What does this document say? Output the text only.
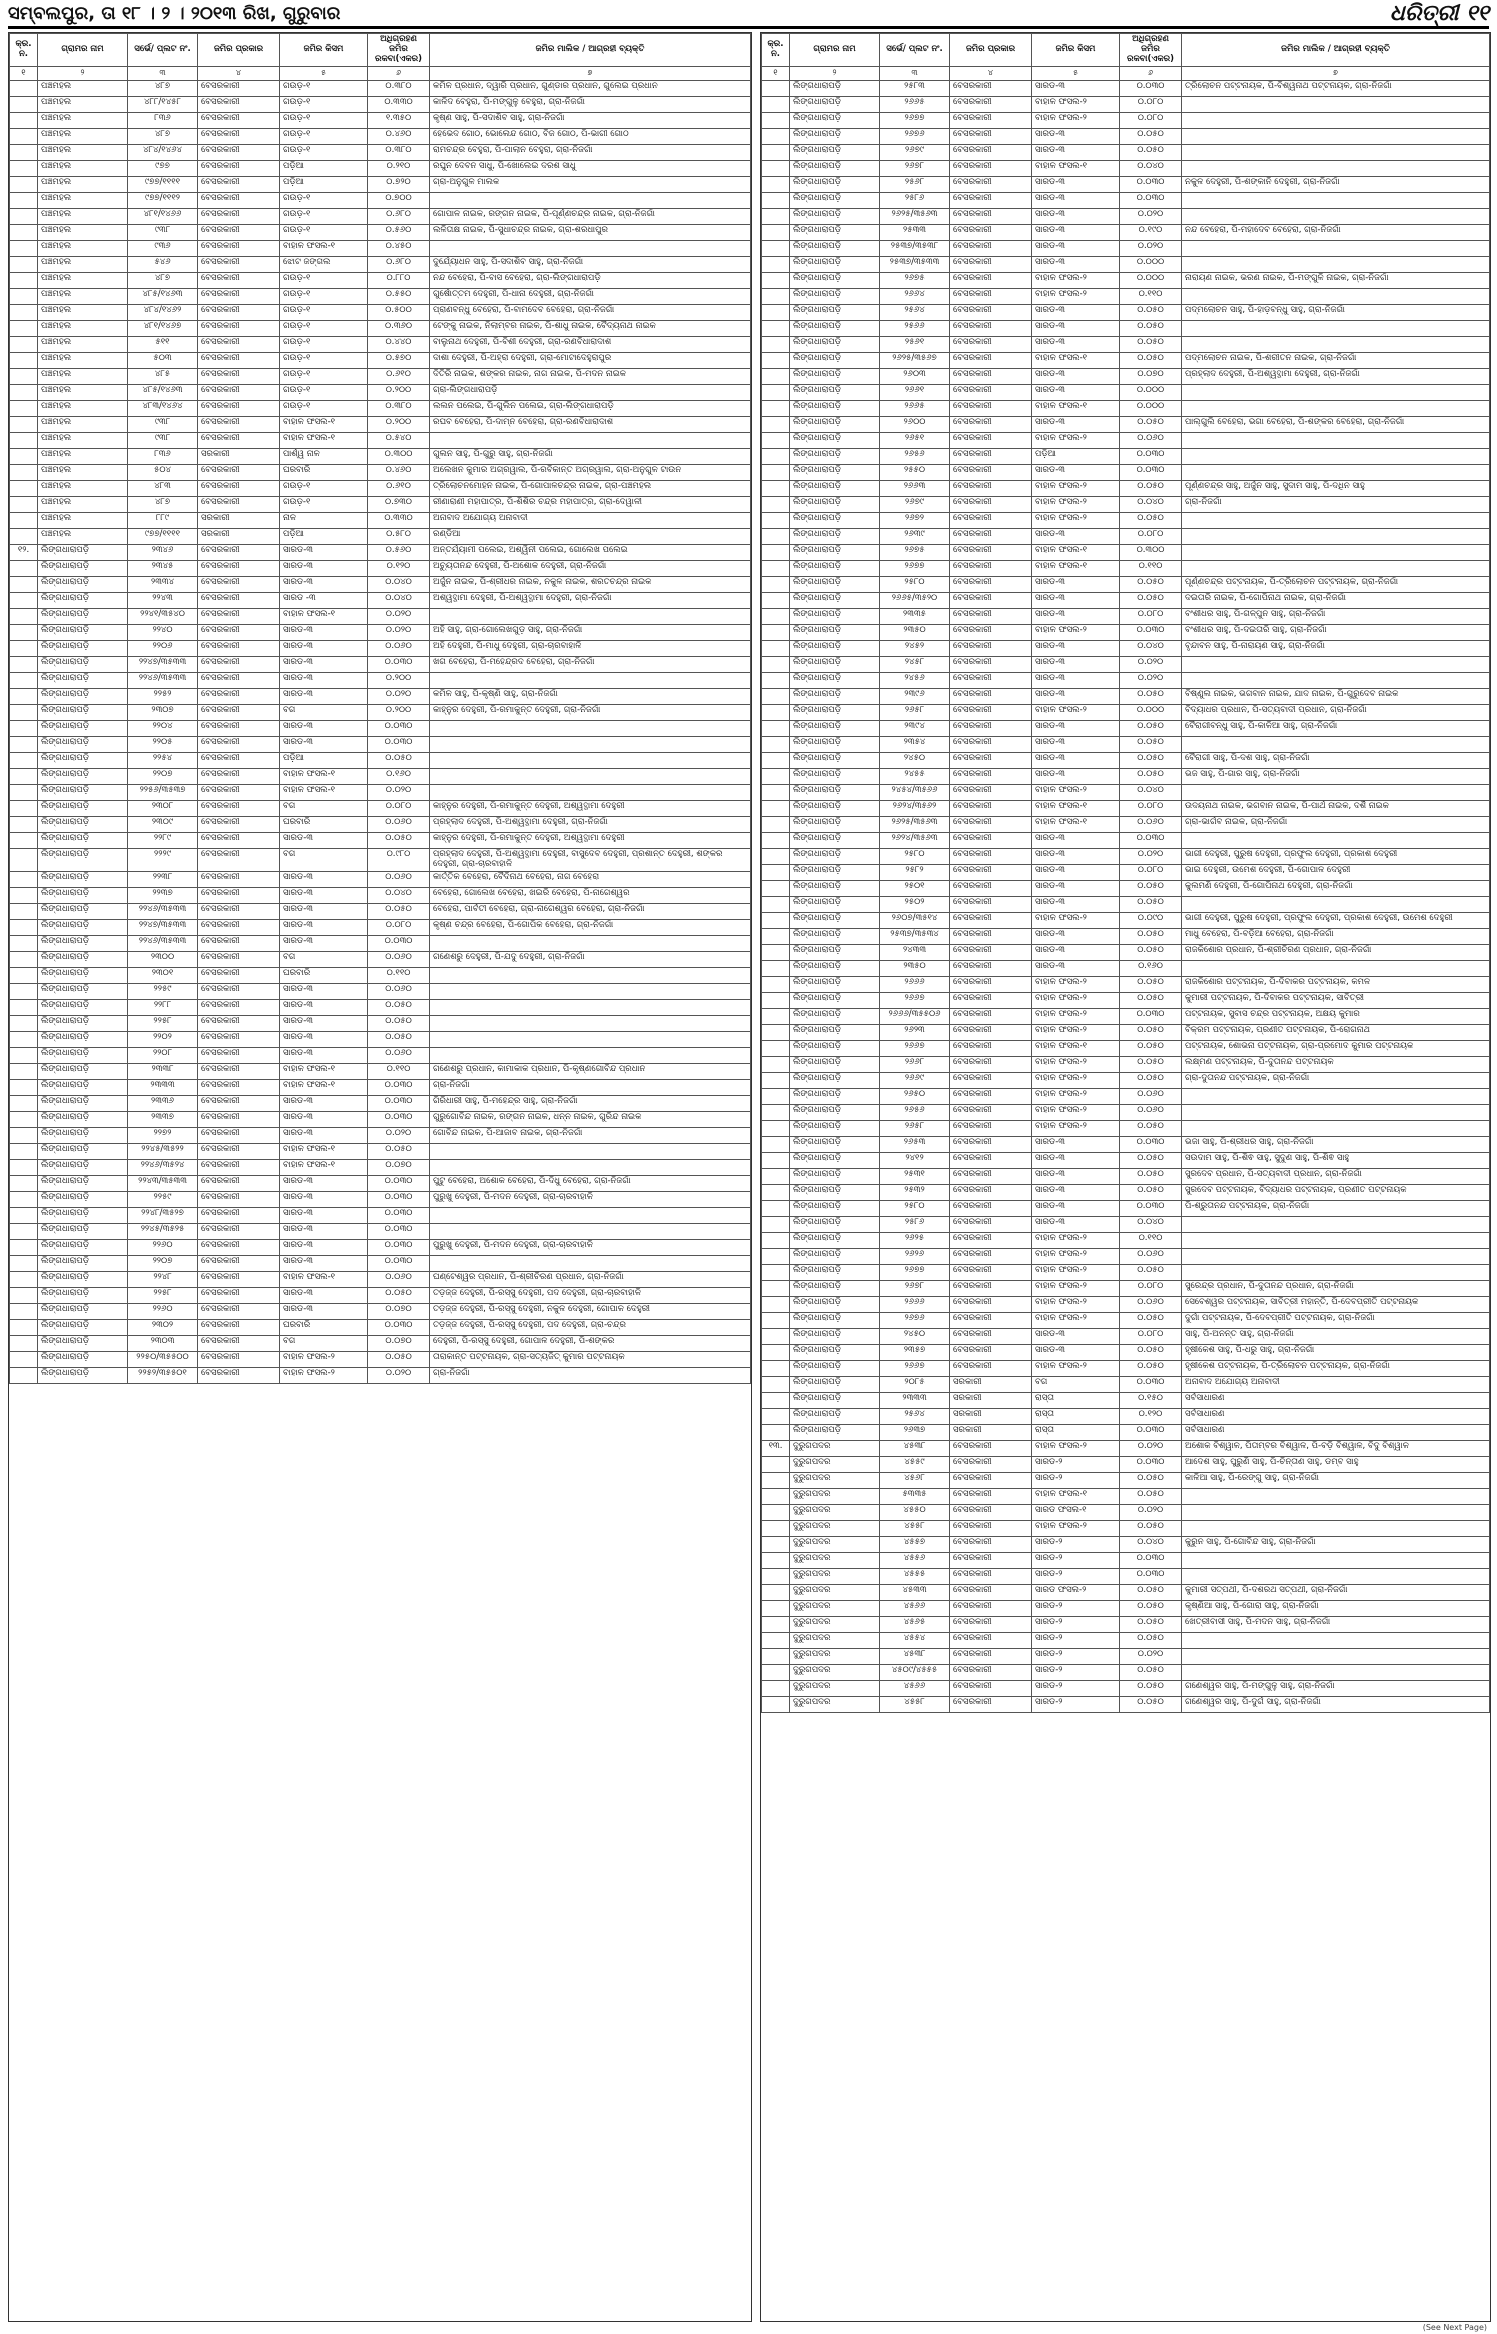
ସମ୍ବଲପୁର, ତା ୧୮ । ୨ । ୨୦୧୩ ରିଖ, ଗୁରୁବାର	ଧରିତ୍ରୀ ୧୧
କ୍ର. ନ.	ଗ୍ରାମର ନାମ	ସର୍ଭେ/ ପ୍ଲଟ ନଂ.	ଜମିର ପ୍ରକାର	ଜମିର କିସମ	ଅଧିଗ୍ରହଣ ଜମିର ରକବା(ଏକର)	ଜମିର ମାଲିକ / ଆଗ୍ରହୀ ବ୍ୟକ୍ତି
୧	୨	୩	୪	୫	୬	୭
	ପଞ୍ଚମହଲ	୪୮୭	ବେସରକାରୀ	ଗଉଡ଼-୧	୦.୩୮୦	କମିଳ ପ୍ରଧାନ, ଦ୍ୱାରି ପ୍ରଧାନ, ଗୁଣ୍ଡାର ପ୍ରଧାନ, ଗୁଲେଇ ପ୍ରଧାନ
	ପଞ୍ଚମହଲ	୪୮୮/୧୪୫୮	ବେସରକାରୀ	ଗଉଡ଼-୧	୦.୩୩୦	କାଳିଦ ବେହୁରା, ପି-ମଙ୍ଗୁଳୁ ବେହୁରା, ଗ୍ରା-ନିଜଗାଁ
	ପଞ୍ଚମହଲ	୮୩୬	ବେସରକାରୀ	ଗଉଡ଼-୧	୧.୩୫୦	କୃଷ୍ଣ ସାହୁ, ପି-ସଦାଶିବ ସାହୁ, ଗ୍ରା-ନିଜଗାଁ
	ପଞ୍ଚମହଲ	୪୮୭	ବେସରକାରୀ	ଗଉଡ଼-୧	୦.୪୬୦	ହେଭେଦ ଗୋଠ, ଭୋଲେନ୍ଦ ଗୋଠ, ବିଜ ଗୋଠ, ପି-ଭାଗୀ ଗୋଠ
	ପଞ୍ଚମହଲ	୪୮୪/୧୪୬୪	ବେସରକାରୀ	ଗଉଡ଼-୧	୦.୩୮୦	ରାମଚନ୍ଦ୍ର ବେହୁରା, ପି-ପାଲାନ ବେହୁରା, ଗ୍ରା-ନିଜଗାଁ
	ପଞ୍ଚମହଲ	୯୭୭	ବେସରକାରୀ	ପଡ଼ିଆ	୦.୨୧୦	ରଘୁନ ଦେବନ ସାଧୁ, ପି-ଖୋଲେଇ ଦରଶ ସାଧୁ
	ପଞ୍ଚମହଲ	୯୭୭/୧୧୧୧	ବେସରକାରୀ	ପଡ଼ିଆ	୦.୭୨୦	ଗ୍ରା-ଅନୁଗୁଳ ମାଲକ
	ପଞ୍ଚମହଲ	୯୭୭/୧୧୧୨	ବେସରକାରୀ	ଗଉଡ଼-୧	୦.୭୦୦	
	ପଞ୍ଚମହଲ	୪୮୧/୧୪୬୬	ବେସରକାରୀ	ଗଉଡ଼-୧	୦.୬୮୦	ଗୋପାଳ ନାଇକ, ରଙ୍ଗନ ନାଇକ, ପି-ପୂର୍ଣ୍ଣଚନ୍ଦ୍ର ନାଇକ, ଗ୍ରା-ନିଜଗାଁ
	ପଞ୍ଚମହଲ	୯୩୮	ବେସରକାରୀ	ଗଉଡ଼-୧	୦.୫୬୦	ଲଳିତାକ୍ଷ ନାଇକ, ପି-ସୁଧାଚନ୍ଦ୍ର ନାଇକ, ଗ୍ରା-ଶରଧାପୁର
	ପଞ୍ଚମହଲ	୯୩୬	ବେସରକାରୀ	ବାହାଳ ଫସଲ-୧	୦.୪୫୦	
	ପଞ୍ଚମହଲ	୫୪୬	ବେସରକାରୀ	ଝୋଟ ଜଙ୍ଗଲ	୦.୬୮୦	ଦୁର୍ଯ୍ୟୋଧନ ସାହୁ, ପି-ସଦାଶିବ ସାହୁ, ଗ୍ରା-ନିଜଗାଁ
	ପଞ୍ଚମହଲ	୪୮୭	ବେସରକାରୀ	ଗଉଡ଼-୧	୦.୮୮୦	ନନ୍ଦ ବେହେରା, ପି-ବାସ ବେହେରା, ଗ୍ରା-ଲିଙ୍ଗଧାରାପଡ଼ି
	ପଞ୍ଚମହଲ	୪୮୫/୧୪୬୩	ବେସରକାରୀ	ଗଉଡ଼-୧	୦.୫୫୦	ଗୁର୍ଷୋତ୍ତମ ଦେହୁରୀ, ପି-ଧାନା ଦେହୁରୀ, ଗ୍ରା-ନିଜଗାଁ
	ପଞ୍ଚମହଲ	୪୮୪/୧୪୬୨	ବେସରକାରୀ	ଗଉଡ଼-୧	୦.୫୦୦	ପ୍ରାଣବନ୍ଧୁ ବେହେରା, ପି-ବାମଦେବ ବେହେରା, ଗ୍ରା-ନିଜଗାଁ
	ପଞ୍ଚମହଲ	୪୮୧/୧୪୬୭	ବେସରକାରୀ	ଗଉଡ଼-୧	୦.୩୬୦	ଟେଙ୍କୁ ନାଇକ, ନିଲାମ୍ବର ନାଇକ, ପି-ଶାଧୁ ନାଇକ, ବୈଦ୍ୟନାଥ ନାଇକ
	ପଞ୍ଚମହଲ	୫୧୧	ବେସରକାରୀ	ଗଉଡ଼-୧	୦.୪୪୦	ବାଲୁନାଥ ଦେହୁରୀ, ପି-ବିଶୀ ଦେହୁରୀ, ଗ୍ରା-ରଣବିଧାରାଦାଶ
	ପଞ୍ଚମହଲ	୫୦୩	ବେସରକାରୀ	ଗଉଡ଼-୧	୦.୫୭୦	ଦାଶା ଦେହୁରୀ, ପି-ଅହ୍ରା ଦେହୁରୀ, ଗ୍ରା-ମୋଟାଦେହୁରାପୁର
	ପଞ୍ଚମହଲ	୪୮୫	ବେସରକାରୀ	ଗଉଡ଼-୧	୦.୬୧୦	ଦିତିରି ନାଇକ, ଶଙ୍କର ନାଇକ, ନାଗ ନାଇକ, ପି-ମଦନ ନାଇକ
	ପଞ୍ଚମହଲ	୪୮୫/୧୪୬୩	ବେସରକାରୀ	ଗଉଡ଼-୧	୦.୨୦୦	ଗ୍ରା-ଲିଙ୍ଗଧାରାପଡ଼ି
	ପଞ୍ଚମହଲ	୪୮୩/୧୪୬୪	ବେସରକାରୀ	ଗଉଡ଼-୧	୦.୩୮୦	ଲଲନ ପଲେଇ, ପି-ଗୁଲିନ ପଲେଇ, ଗ୍ରା-ଲିଙ୍ଗଧାରାପଡ଼ି
	ପଞ୍ଚମହଲ	୯୩୮	ବେସରକାରୀ	ବାହାଳ ଫସଲ-୧	୦.୨୦୦	ରଘବ ବେହେରା, ପି-ଦାମ୍ନ ବେହେରା, ଗ୍ରା-ରଣବିଧାରାଦାଶ
	ପଞ୍ଚମହଲ	୯୩୮	ବେସରକାରୀ	ବାହାଳ ଫସଲ-୧	୦.୫୪୦	
	ପଞ୍ଚମହଲ	୮୩୬	ସରକାରୀ	ପାର୍ଶ୍ୱ ନାଳ	୦.୩୦୦	ଗୁଲନ ସାହୁ, ପି-ଗୁରୁ ସାହୁ, ଗ୍ରା-ନିଜଗାଁ
	ପଞ୍ଚମହଲ	୫୦୪	ବେସରକାରୀ	ଘରବାରି	୦.୪୬୦	ଅଲେଖନ କୁମାର ଅଗ୍ରୱାଲ, ପି-ରବିକାନ୍ତ ଅଗ୍ରୱାଲ, ଗ୍ରା-ଅନୁଗୁଳ ଟାଉନ
	ପଞ୍ଚମହଲ	୪୮୩	ବେସରକାରୀ	ଗଉଡ଼-୧	୦.୬୧୦	ତ୍ରିଲୋଚନମୋହନ ନାଇକ, ପି-ଗୋପାଳଚନ୍ଦ୍ର ନାଇକ, ଗ୍ରା-ପଞ୍ଚମହଲ
	ପଞ୍ଚମହଲ	୪୮୭	ବେସରକାରୀ	ଗଉଡ଼-୧	୦.୭୩୦	ରୀଣାରାଣୀ ମହାପାତ୍ର, ପି-ଶିଶିର ଚନ୍ଦ୍ର ମହାପାତ୍ର, ଗ୍ରା-ଦେୱାଳୀ
	ପଞ୍ଚମହଲ	୮୮୯	ସରକାରୀ	ନାଳ	୦.୩୩୦	ଅନାବାଦ ଅଯୋଗ୍ୟ ଅନାବାଦୀ
	ପଞ୍ଚମହଲ	୯୭୭/୧୧୧୧	ସରକାରୀ	ପଡ଼ିଆ	୦.୫୮୦	ରଣ୍ଡିଆ
୧୨.	ଲିଙ୍ଗଧାରାପଡ଼ି	୨୩୪୬	ବେସରକାରୀ	ସାରଡ-୩	୦.୫୬୦	ଅନ୍ତର୍ଯ୍ୟାମୀ ପଲେଇ, ଅଶ୍ୱିନୀ ପଲେଇ, ଗୋଲେଖ ପଲେଇ
	ଲିଙ୍ଗଧାରାପଡ଼ି	୨୩୪୫	ବେସରକାରୀ	ସାରଡ-୩	୦.୧୨୦	ଅଚ୍ୟୁତାନନ୍ଦ ଦେହୁରୀ, ପି-ଅଶୋକ ଦେହୁରୀ, ଗ୍ରା-ନିଜଗାଁ
	ଲିଙ୍ଗଧାରାପଡ଼ି	୨୩୩୪	ବେସରକାରୀ	ସାରଡ-୩	୦.୦୪୦	ଅର୍ଜୁନ ନାଇକ, ପି-ଶ୍ରୀଧର ନାଇକ, ନକୁଳ ନାଇକ, ଶରତଚନ୍ଦ୍ର ନାଇକ
	ଲିଙ୍ଗଧାରାପଡ଼ି	୨୨୪୩	ବେସରକାରୀ	ସାରଡ -୩	୦.୦୪୦	ଅଶ୍ୱତ୍ଥାମା ଦେହୁରୀ, ପି-ଅଶ୍ୱତ୍ଥାମା ଦେହୁରୀ, ଗ୍ରା-ନିଜଗାଁ
	ଲିଙ୍ଗଧାରାପଡ଼ି	୨୨୪୧/୩୫୪୦	ବେସରକାରୀ	ବାହାଳ ଫସଲ-୧	୦.୦୨୦	
	ଲିଙ୍ଗଧାରାପଡ଼ି	୨୨୪୦	ବେସରକାରୀ	ସାରଡ-୩	୦.୦୨୦	ଅହି ସାହୁ, ଗ୍ରା-ଗୋଲେଖଗୁଡ଼ ସାହୁ, ଗ୍ରା-ନିଜଗାଁ
	ଲିଙ୍ଗଧାରାପଡ଼ି	୨୨୦୬	ବେସରକାରୀ	ସାରଡ-୩	୦.୦୬୦	ଅହି ଦେହୁରୀ, ପି-ମାଧୁ ଦେହୁରୀ, ଗ୍ରା-ଚାରବାହାଳି
	ଲିଙ୍ଗଧାରାପଡ଼ି	୨୨୪୭/୩୫୩୩	ବେସରକାରୀ	ସାରଡ-୩	୦.୦୩୦	ଖଗ ବେହେରା, ପି-ମହେନ୍ଦ୍ରଦ ବେହେରା, ଗ୍ରା-ନିଜଗାଁ
	ଲିଙ୍ଗଧାରାପଡ଼ି	୨୨୪୬/୩୫୩୩	ବେସରକାରୀ	ସାରଡ-୩	୦.୨୦୦	
	ଲିଙ୍ଗଧାରାପଡ଼ି	୨୨୫୨	ବେସରକାରୀ	ସାରଡ-୩	୦.୦୨୦	କମିଳ ସାହୁ, ପି-କୃଷ୍ଣି ସାହୁ, ଗ୍ରା-ନିଜଗାଁ
	ଲିଙ୍ଗଧାରାପଡ଼ି	୨୩୦୭	ବେସରକାରୀ	ବଗ	୦.୨୦୦	କାହ୍ନୁର ଦେହୁରୀ, ପି-ରମାକୁନ୍ତ ଦେହୁରୀ, ଗ୍ରା-ନିଜଗାଁ
	ଲିଙ୍ଗଧାରାପଡ଼ି	୨୨୦୪	ବେସରକାରୀ	ସାରଡ-୩	୦.୦୩୦	
	ଲିଙ୍ଗଧାରାପଡ଼ି	୨୨୦୫	ବେସରକାରୀ	ସାରଡ-୩	୦.୦୩୦	
	ଲିଙ୍ଗଧାରାପଡ଼ି	୨୨୫୪	ବେସରକାରୀ	ପଡ଼ିଆ	୦.୦୫୦	
	ଲିଙ୍ଗଧାରାପଡ଼ି	୨୨୦୭	ବେସରକାରୀ	ବାହାଳ ଫସଲ-୧	୦.୧୬୦	
	ଲିଙ୍ଗଧାରାପଡ଼ି	୨୨୫୬/୩୫୩୭	ବେସରକାରୀ	ବାହାଳ ଫସଲ-୧	୦.୦୨୦	
	ଲିଙ୍ଗଧାରାପଡ଼ି	୨୩୦୮	ବେସରକାରୀ	ବଗ	୦.୦୮୦	କାହ୍ନୁର ଦେହୁରୀ, ପି-ରମାକୁନ୍ତ ଦେହୁରୀ, ଅଶ୍ୱତ୍ଥାମା ଦେହୁରୀ
	ଲିଙ୍ଗଧାରାପଡ଼ି	୨୩୦୯	ବେସରକାରୀ	ଘରବାରି	୦.୦୬୦	ପ୍ରହ୍ଲାଦ ଦେହୁରୀ, ପି-ଅଶ୍ୱତ୍ଥାମା ଦେହୁରୀ, ଗ୍ରା-ନିଜଗାଁ
	ଲିଙ୍ଗଧାରାପଡ଼ି	୨୨୮୯	ବେସରକାରୀ	ସାରଡ-୩	୦.୦୫୦	କାହ୍ନୁର ଦେହୁରୀ, ପି-ରମାକୁନ୍ତ ଦେହୁରୀ, ଅଶ୍ୱତ୍ଥାମା ଦେହୁରୀ
	ଲିଙ୍ଗଧାରାପଡ଼ି	୨୨୨୯	ବେସରକାରୀ	ବଗ	୦.୯୮୦	ପ୍ରହ୍ଲାଦ ଦେହୁରୀ, ପି-ଅଶ୍ୱତ୍ଥାମା ଦେହୁରୀ, ବାସୁଦେବ ଦେହୁରୀ, ପ୍ରଶାନ୍ତ ଦେହୁରୀ, ଶଙ୍କର ଦେହୁରୀ, ଗ୍ରା-ଚାରବାହାଳି
	ଲିଙ୍ଗଧାରାପଡ଼ି	୨୨୩୮	ବେସରକାରୀ	ସାରଡ-୩	୦.୦୬୦	କାର୍ତ୍ତିକ ବେହେରା, ବୈଦିନାଥ ବେହେରା, ନାଗ ବେହେରା
	ଲିଙ୍ଗଧାରାପଡ଼ି	୨୨୩୭	ବେସରକାରୀ	ସାରଡ-୩	୦.୦୪୦	ବେହେରା, ଗୋଲେଖ ବେହେରା, ଖଇରି ବେହେରା, ପି-ନାଗେଶ୍ୱର
	ଲିଙ୍ଗଧାରାପଡ଼ି	୨୨୪୬/୩୫୩୩	ବେସରକାରୀ	ସାରଡ-୩	୦.୦୫୦	ବେହେରା, ପାର୍ବତୀ ବେହେରା, ଗ୍ରା-ନାଗେଶ୍ୱର ବେହେରା, ଗ୍ରା-ନିଜଗାଁ
	ଲିଙ୍ଗଧାରାପଡ଼ି	୨୨୪୭/୩୫୩୩	ବେସରକାରୀ	ସାରଡ-୩	୦.୦୮୦	କୃଷ୍ଣ ଚନ୍ଦ୍ର ବେହେରା, ପି-ଗୋପିକ ବେହେରା, ଗ୍ରା-ନିଜଗାଁ
	ଲିଙ୍ଗଧାରାପଡ଼ି	୨୨୪୬/୩୫୩୩	ବେସରକାରୀ	ସାରଡ-୩	୦.୦୩୦	
	ଲିଙ୍ଗଧାରାପଡ଼ି	୨୩୦୦	ବେସରକାରୀ	ବଗ	୦.୦୬୦	ଗଣେଶରୁ ଦେହୁରୀ, ପି-ଯଦୁ ଦେହୁରୀ, ଗ୍ରା-ନିଜଗାଁ
	ଲିଙ୍ଗଧାରାପଡ଼ି	୨୩୦୧	ବେସରକାରୀ	ଘରବାରି	୦.୧୧୦	
	ଲିଙ୍ଗଧାରାପଡ଼ି	୨୨୫୯	ବେସରକାରୀ	ସାରଡ-୩	୦.୦୬୦	
	ଲିଙ୍ଗଧାରାପଡ଼ି	୨୨୮୮	ବେସରକାରୀ	ସାରଡ-୩	୦.୦୫୦	
	ଲିଙ୍ଗଧାରାପଡ଼ି	୨୨୫୮	ବେସରକାରୀ	ସାରଡ-୩	୦.୦୫୦	
	ଲିଙ୍ଗଧାରାପଡ଼ି	୨୨୦୨	ବେସରକାରୀ	ସାରଡ-୩	୦.୦୫୦	
	ଲିଙ୍ଗଧାରାପଡ଼ି	୨୨୦୮	ବେସରକାରୀ	ସାରଡ-୩	୦.୦୬୦	
	ଲିଙ୍ଗଧାରାପଡ଼ି	୨୩୩୮	ବେସରକାରୀ	ବାହାଳ ଫସଲ-୧	୦.୧୧୦	ଗଣେଶରୁ ପ୍ରଧାନ, କାମାକାକ ପ୍ରଧାନ, ପି-କୃଷ୍ଣଗୋବିନ୍ଦ ପ୍ରଧାନ
	ଲିଙ୍ଗଧାରାପଡ଼ି	୨୩୩୩	ବେସରକାରୀ	ବାହାଳ ଫସଲ-୧	୦.୦୩୦	ଗ୍ରା-ନିଜଗାଁ
	ଲିଙ୍ଗଧାରାପଡ଼ି	୨୩୩୬	ବେସରକାରୀ	ସାରଡ-୩	୦.୦୩୦	ଗିରିଧାରୀ ସାହୁ, ପି-ମହେନ୍ଦ୍ର ସାହୁ, ଗ୍ରା-ନିଜଗାଁ
	ଲିଙ୍ଗଧାରାପଡ଼ି	୨୩୩୭	ବେସରକାରୀ	ସାରଡ-୩	୦.୦୩୦	ଗୁରୁଗୋବିନ୍ଦ ନାଇକ, ରଙ୍ଗନ ନାଇକ, ଧନ୍ନ ନାଇକ, ଗୁରିନ୍ଦ ନାଇକ
	ଲିଙ୍ଗଧାରାପଡ଼ି	୨୨୭୨	ବେସରକାରୀ	ସାରଡ-୩	୦.୦୨୦	ଗୋବିନ୍ଦ ନାଇକ, ପି-ଆଜାବ ନାଇକ, ଗ୍ରା-ନିଜଗାଁ
	ଲିଙ୍ଗଧାରାପଡ଼ି	୨୨୪୫/୩୫୨୨	ବେସରକାରୀ	ବାହାଳ ଫସଲ-୧	୦.୦୫୦	
	ଲିଙ୍ଗଧାରାପଡ଼ି	୨୨୪୬/୩୫୨୪	ବେସରକାରୀ	ବାହାଳ ଫସଲ-୧	୦.୦୭୦	
	ଲିଙ୍ଗଧାରାପଡ଼ି	୨୨୪୩/୩୫୩୩	ବେସରକାରୀ	ସାରଡ-୩	୦.୦୩୦	ପୁଟୁ ବେହେରା, ଅଶୋକ ବେହେରା, ପି-ଦିଧୁ ବେହେରା, ଗ୍ରା-ନିଜଗାଁ
	ଲିଙ୍ଗଧାରାପଡ଼ି	୨୨୫୯	ବେସରକାରୀ	ସାରଡ-୩	୦.୦୩୦	ପୁରୁଖୁ ଦେହୁରୀ, ପି-ମଦନ ଦେହୁରୀ, ଗ୍ରା-ଚାରବାହାଳି
	ଲିଙ୍ଗଧାରାପଡ଼ି	୨୨୪୮/୩୫୨୭	ବେସରକାରୀ	ସାରଡ-୩	୦.୦୩୦	
	ଲିଙ୍ଗଧାରାପଡ଼ି	୨୨୪୫/୩୫୨୫	ବେସରକାରୀ	ସାରଡ-୩	୦.୦୩୦	
	ଲିଙ୍ଗଧାରାପଡ଼ି	୨୨୬୦	ବେସରକାରୀ	ସାରଡ-୩	୦.୦୩୦	ପୁରୁଖୁ ଦେହୁରୀ, ପି-ମଦନ ଦେହୁରୀ, ଗ୍ରା-ଚାରବାହାଳି
	ଲିଙ୍ଗଧାରାପଡ଼ି	୨୨୦୭	ବେସରକାରୀ	ସାରଡ-୩	୦.୦୩୦	
	ଲିଙ୍ଗଧାରାପଡ଼ି	୨୨୪୮	ବେସରକାରୀ	ବାହାଳ ଫସଲ-୧	୦.୦୬୦	ଘଣ୍ଟେଶ୍ୱର ପ୍ରଧାନ, ପି-ଶ୍ରୀଚିରଣ ପ୍ରଧାନ, ଗ୍ରା-ନିଜଗାଁ
	ଲିଙ୍ଗଧାରାପଡ଼ି	୨୨୫୮	ବେସରକାରୀ	ସାରଡ-୩	୦.୦୫୦	ତଡ଼ଜ୍ଜ ଦେହୁରୀ, ପି-ରସ୍ସୁ ଦେହୁରୀ, ପଦ ଦେହୁରୀ, ଗ୍ରା-ଚାରବାହାଳି
	ଲିଙ୍ଗଧାରାପଡ଼ି	୨୨୬୦	ବେସରକାରୀ	ସାରଡ-୩	୦.୦୭୦	ତଡ଼ଜ୍ଜ ଦେହୁରୀ, ପି-ରସ୍ସୁ ଦେହୁରୀ, ନକୁଳ ଦେହୁରୀ, ଗୋପାଳ ଦେହୁରୀ
	ଲିଙ୍ଗଧାରାପଡ଼ି	୨୩୦୨	ବେସରକାରୀ	ଘରବାରି	୦.୦୩୦	ତଡ଼ଜ୍ଜ ଦେହୁରୀ, ପି-ରସ୍ସୁ ଦେହୁରୀ, ପଦ ଦେହୁରୀ, ଗ୍ରା-ଚନ୍ଦ୍ର
	ଲିଙ୍ଗଧାରାପଡ଼ି	୨୩୦୩	ବେସରକାରୀ	ବଗ	୦.୦୭୦	ଦେହୁରୀ, ପି-ରସ୍ସୁ ଦେହୁରୀ, ଗୋପାଳ ଦେହୁରୀ, ପି-ଶଙ୍କର
	ଲିଙ୍ଗଧାରାପଡ଼ି	୨୨୫୦/୩୫୫୦୦	ବେସରକାରୀ	ବାହାଳ ଫସଲ-୨	୦.୦୫୦	ତାରାକାନ୍ତ ପଟ୍ଟନାୟକ, ଗ୍ରା-ସତ୍ୟଜିତ୍ କୁମାର ପଟ୍ଟନାୟକ
	ଲିଙ୍ଗଧାରାପଡ଼ି	୨୨୫୨/୩୫୫୦୧	ବେସରକାରୀ	ବାହାଳ ଫସଲ-୨	୦.୦୨୦	ଗ୍ରା-ନିଜଗାଁ
କ୍ର. ନ.	ଗ୍ରାମର ନାମ	ସର୍ଭେ/ ପ୍ଲଟ ନଂ.	ଜମିର ପ୍ରକାର	ଜମିର କିସମ	ଅଧିଗ୍ରହଣ ଜମିର ରକବା(ଏକର)	ଜମିର ମାଲିକ / ଆଗ୍ରହୀ ବ୍ୟକ୍ତି
୧	୨	୩	୪	୫	୬	୭
	ଲିଙ୍ଗଧାରାପଡ଼ି	୨୫୮୩	ବେସରକାରୀ	ସାରଡ-୩	୦.୦୩୦	ତ୍ରିଲୋଚନ ପଟ୍ଟନାୟକ, ପି-ବିଶ୍ୱନାଥ ପଟ୍ଟନାୟକ, ଗ୍ରା-ନିଜଗାଁ
	ଲିଙ୍ଗଧାରାପଡ଼ି	୨୬୬୫	ବେସରକାରୀ	ବାହାଳ ଫସଲ-୨	୦.୦୮୦	
	ଲିଙ୍ଗଧାରାପଡ଼ି	୨୬୭୭	ବେସରକାରୀ	ବାହାଳ ଫସଲ-୨	୦.୦୮୦	
	ଲିଙ୍ଗଧାରାପଡ଼ି	୨୬୭୬	ବେସରକାରୀ	ସାରଡ-୩	୦.୦୫୦	
	ଲିଙ୍ଗଧାରାପଡ଼ି	୨୬୭୯	ବେସରକାରୀ	ସାରଡ-୩	୦.୦୫୦	
	ଲିଙ୍ଗଧାରାପଡ଼ି	୨୬୭୮	ବେସରକାରୀ	ବାହାଳ ଫସଲ-୧	୦.୦୪୦	
	ଲିଙ୍ଗଧାରାପଡ଼ି	୨୫୬୮	ବେସରକାରୀ	ସାରଡ-୩	୦.୦୩୦	ନକୁଳ ଦେହୁରୀ, ପି-ଶଙ୍କାନି ଦେହୁରୀ, ଗ୍ରା-ନିଜଗାଁ
	ଲିଙ୍ଗଧାରାପଡ଼ି	୨୫୮୬	ବେସରକାରୀ	ସାରଡ-୩	୦.୦୩୦	
	ଲିଙ୍ଗଧାରାପଡ଼ି	୨୬୨୫/୩୫୬୩	ବେସରକାରୀ	ସାରଡ-୩	୦.୦୨୦	
	ଲିଙ୍ଗଧାରାପଡ଼ି	୨୫୩୩	ବେସରକାରୀ	ସାରଡ-୩	୦.୧୯୦	ନନ୍ଦ ବେହେରା, ପି-ମହାଦେବ ବେହେରା, ଗ୍ରା-ନିଜଗାଁ
	ଲିଙ୍ଗଧାରାପଡ଼ି	୨୫୩୭/୩୫୩୮	ବେସରକାରୀ	ସାରଡ-୩	୦.୦୨୦	
	ଲିଙ୍ଗଧାରାପଡ଼ି	୨୫୩୭/୩୫୩୩	ବେସରକାରୀ	ସାରଡ-୩	୦.୦୦୦	
	ଲିଙ୍ଗଧାରାପଡ଼ି	୨୬୭୫	ବେସରକାରୀ	ବାହାଳ ଫସଲ-୨	୦.୦୦୦	ନାରାୟଣ ନାଇକ, ଭରଣ ନାଇକ, ପି-ମଙ୍ଗୁଳି ନାଇକ, ଗ୍ରା-ନିଜଗାଁ
	ଲିଙ୍ଗଧାରାପଡ଼ି	୨୬୬୪	ବେସରକାରୀ	ବାହାଳ ଫସଲ-୨	୦.୧୧୦	
	ଲିଙ୍ଗଧାରାପଡ଼ି	୨୫୬୪	ବେସରକାରୀ	ସାରଡ-୩	୦.୦୫୦	ପଦ୍ମଲୋଚନ ସାହୁ, ପି-ହାଡ଼ବନ୍ଧୁ ସାହୁ, ଗ୍ରା-ନିଜଗାଁ
	ଲିଙ୍ଗଧାରାପଡ଼ି	୨୫୬୬	ବେସରକାରୀ	ସାରଡ-୩	୦.୦୫୦	
	ଲିଙ୍ଗଧାରାପଡ଼ି	୨୫୬୧	ବେସରକାରୀ	ସାରଡ-୩	୦.୦୫୦	
	ଲିଙ୍ଗଧାରାପଡ଼ି	୨୬୨୫/୩୫୬୭	ବେସରକାରୀ	ବାହାଳ ଫସଲ-୧	୦.୦୫୦	ପଦ୍ମଲୋଚନ ନାଇକ, ପି-ଶରୀତନ ନାଇକ, ଗ୍ରା-ନିଜଗାଁ
	ଲିଙ୍ଗଧାରାପଡ଼ି	୨୬୦୩	ବେସରକାରୀ	ସାରଡ-୩	୦.୦୭୦	ପ୍ରହ୍ଲାଦ ଦେହୁରୀ, ପି-ଅଶ୍ୱତ୍ଥାମା ଦେହୁରୀ, ଗ୍ରା-ନିଜଗାଁ
	ଲିଙ୍ଗଧାରାପଡ଼ି	୨୬୬୧	ବେସରକାରୀ	ସାରଡ-୩	୦.୦୦୦	
	ଲିଙ୍ଗଧାରାପଡ଼ି	୨୬୬୫	ବେସରକାରୀ	ବାହାଳ ଫସଲ-୧	୦.୦୦୦	
	ଲିଙ୍ଗଧାରାପଡ଼ି	୨୬୦୦	ବେସରକାରୀ	ସାରଡ-୩	୦.୦୫୦	ପାଲ୍ଗୁଲି ବେହେରା, ଭଗା ବେହେରା, ପି-ଶଙ୍କର ବେହେରା, ଗ୍ରା-ନିଜଗାଁ
	ଲିଙ୍ଗଧାରାପଡ଼ି	୨୬୫୧	ବେସରକାରୀ	ବାହାଳ ଫସଲ-୨	୦.୦୬୦	
	ଲିଙ୍ଗଧାରାପଡ଼ି	୨୬୫୬	ବେସରକାରୀ	ପଡ଼ିଆ	୦.୦୩୦	
	ଲିଙ୍ଗଧାରାପଡ଼ି	୨୫୫୦	ବେସରକାରୀ	ସାରଡ-୩	୦.୦୩୦	
	ଲିଙ୍ଗଧାରାପଡ଼ି	୨୬୬୩	ବେସରକାରୀ	ବାହାଳ ଫସଲ-୨	୦.୦୫୦	ପୂର୍ଣ୍ଣଚନ୍ଦ୍ର ସାହୁ, ଅର୍ଜୁନ ସାହୁ, ସୁଦାମ ସାହୁ, ପି-ଦଧିନ ସାହୁ
	ଲିଙ୍ଗଧାରାପଡ଼ି	୨୬୭୯	ବେସରକାରୀ	ବାହାଳ ଫସଲ-୨	୦.୦୪୦	ଗ୍ରା-ନିଜଗାଁ
	ଲିଙ୍ଗଧାରାପଡ଼ି	୨୬୭୨	ବେସରକାରୀ	ବାହାଳ ଫସଲ-୨	୦.୦୫୦	
	ଲିଙ୍ଗଧାରାପଡ଼ି	୨୬୩୯	ବେସରକାରୀ	ସାରଡ-୩	୦.୦୮୦	
	ଲିଙ୍ଗଧାରାପଡ଼ି	୨୬୭୫	ବେସରକାରୀ	ବାହାଳ ଫସଲ-୧	୦.୩୦୦	
	ଲିଙ୍ଗଧାରାପଡ଼ି	୨୬୭୭	ବେସରକାରୀ	ବାହାଳ ଫସଲ-୧	୦.୧୧୦	
	ଲିଙ୍ଗଧାରାପଡ଼ି	୨୫୮୦	ବେସରକାରୀ	ସାରଡ-୩	୦.୦୫୦	ପୂର୍ଣ୍ଣଚନ୍ଦ୍ର ପଟ୍ଟନାୟକ, ପି-ତ୍ରିଲୋଚନ ପଟ୍ଟନାୟକ, ଗ୍ରା-ନିଜଗାଁ
	ଲିଙ୍ଗଧାରାପଡ଼ି	୨୬୬୫/୩୫୨୦	ବେସରକାରୀ	ସାରଡ-୩	୦.୦୫୦	ଦଇତାରି ନାଇକ, ପି-ଗୋପିନାଥ ନାଇକ, ଗ୍ରା-ନିଜଗାଁ
	ଲିଙ୍ଗଧାରାପଡ଼ି	୨୩୩୫	ବେସରକାରୀ	ସାରଡ-୩	୦.୦୮୦	ବଂଶୀଧର ସାହୁ, ପି-ଗଳ୍ପୁନ ସାହୁ, ଗ୍ରା-ନିଜଗାଁ
	ଲିଙ୍ଗଧାରାପଡ଼ି	୨୩୫୦	ବେସରକାରୀ	ବାହାଳ ଫସଲ-୨	୦.୦୩୦	ବଂଶୀଧର ସାହୁ, ପି-ଦଇତାରି ସାହୁ, ଗ୍ରା-ନିଜଗାଁ
	ଲିଙ୍ଗଧାରାପଡ଼ି	୨୪୫୨	ବେସରକାରୀ	ସାରଡ-୩	୦.୦୪୦	ବୃନ୍ଦାବନ ସାହୁ, ପି-ନାରାୟଣ ସାହୁ, ଗ୍ରା-ନିଜଗାଁ
	ଲିଙ୍ଗଧାରାପଡ଼ି	୨୪୫୮	ବେସରକାରୀ	ସାରଡ-୩	୦.୦୨୦	
	ଲିଙ୍ଗଧାରାପଡ଼ି	୨୪୫୬	ବେସରକାରୀ	ସାରଡ-୩	୦.୦୨୦	
	ଲିଙ୍ଗଧାରାପଡ଼ି	୨୩୯୬	ବେସରକାରୀ	ସାରଡ-୩	୦.୦୫୦	ବିଷ୍ଣୁଲ ନାଇକ, ଭଗବାନ ନାଇକ, ଯାଦ ନାଇକ, ପି-ଗୁରୁଦେବ ନାଇକ
	ଲିଙ୍ଗଧାରାପଡ଼ି	୨୬୫୮	ବେସରକାରୀ	ବାହାଳ ଫସଲ-୨	୦.୦୦୦	ବିଦ୍ୟାଧର ପ୍ରଧାନ, ପି-ସତ୍ୟବାଦୀ ପ୍ରଧାନ, ଗ୍ରା-ନିଜଗାଁ
	ଲିଙ୍ଗଧାରାପଡ଼ି	୨୩୯୪	ବେସରକାରୀ	ସାରଡ-୩	୦.୦୫୦	ବୈରାଗୀବନ୍ଧୁ ସାହୁ, ପି-କାଳିଆ ସାହୁ, ଗ୍ରା-ନିଜଗାଁ
	ଲିଙ୍ଗଧାରାପଡ଼ି	୨୩୫୪	ବେସରକାରୀ	ସାରଡ-୩	୦.୦୫୦	
	ଲିଙ୍ଗଧାରାପଡ଼ି	୨୪୫୦	ବେସରକାରୀ	ସାରଡ-୩	୦.୦୫୦	ବୈରାଗୀ ସାହୁ, ପି-ଦଶ ସାହୁ, ଗ୍ରା-ନିଜଗାଁ
	ଲିଙ୍ଗଧାରାପଡ଼ି	୨୪୫୫	ବେସରକାରୀ	ସାରଡ-୩	୦.୦୫୦	ଭଜ ସାହୁ, ପି-ଗାର ସାହୁ, ଗ୍ରା-ନିଜଗାଁ
	ଲିଙ୍ଗଧାରାପଡ଼ି	୨୪୫୪/୩୫୬୬	ବେସରକାରୀ	ବାହାଳ ଫସଲ-୨	୦.୦୪୦	
	ଲିଙ୍ଗଧାରାପଡ଼ି	୨୬୨୪/୩୫୬୨	ବେସରକାରୀ	ବାହାଳ ଫସଲ-୧	୦.୦୮୦	ଉଦୟନାଥ ନାଇକ, ଭଗବାନ ନାଇକ, ପି-ପାର୍ଥ ନାଇକ, ଦର୍ଶି ନାଇକ
	ଲିଙ୍ଗଧାରାପଡ଼ି	୨୬୨୫/୩୫୬୩	ବେସରକାରୀ	ବାହାଳ ଫସଲ-୧	୦.୦୬୦	ଗ୍ରା-ଭାର୍ଗବ ନାଇକ, ଗ୍ରା-ନିଜଗାଁ
	ଲିଙ୍ଗଧାରାପଡ଼ି	୨୬୨୪/୩୫୬୩	ବେସରକାରୀ	ସାରଡ-୩	୦.୦୩୦	
	ଲିଙ୍ଗଧାରାପଡ଼ି	୨୫୮୦	ବେସରକାରୀ	ସାରଡ-୩	୦.୦୨୦	ଭାଗୀ ଦେହୁରୀ, ପୁରୁଷ ଦେହୁରୀ, ପ୍ରଫୁଲ ଦେହୁରୀ, ପ୍ରକାଶ ଦେହୁରୀ
	ଲିଙ୍ଗଧାରାପଡ଼ି	୨୫୮୨	ବେସରକାରୀ	ସାରଡ-୩	୦.୦୮୦	ଭାଇ ଦେହୁରୀ, ଉମେଶ ଦେହୁରୀ, ପି-ଗୋପାଳ ଦେହୁରୀ
	ଲିଙ୍ଗଧାରାପଡ଼ି	୨୫୦୧	ବେସରକାରୀ	ସାରଡ-୩	୦.୦୫୦	କୁଲମଣି ଦେହୁରୀ, ପି-ଗୋପିନାଥ ଦେହୁରୀ, ଗ୍ରା-ନିଜଗାଁ
	ଲିଙ୍ଗଧାରାପଡ଼ି	୨୫୦୨	ବେସରକାରୀ	ସାରଡ-୩	୦.୦୫୦	
	ଲିଙ୍ଗଧାରାପଡ଼ି	୨୬୦୭/୩୫୧୪	ବେସରକାରୀ	ବାହାଳ ଫସଲ-୨	୦.୦୯୦	ଭାଗୀ ଦେହୁରୀ, ପୁରୁଷ ଦେହୁରୀ, ପ୍ରଫୁଲ ଦେହୁରୀ, ପ୍ରକାଶ ଦେହୁରୀ, ଉମେଶ ଦେହୁରୀ
	ଲିଙ୍ଗଧାରାପଡ଼ି	୨୫୩୭/୩୫୩୪	ବେସରକାରୀ	ସାରଡ-୩	୦.୦୫୦	ମାଧୁ ବେହେରା, ପି-ବଡ଼ିଆ ବେହେରା, ଗ୍ରା-ନିଜଗାଁ
	ଲିଙ୍ଗଧାରାପଡ଼ି	୨୪୩୩	ବେସରକାରୀ	ସାରଡ-୩	୦.୦୫୦	ରାଜକିଶୋର ପ୍ରଧାନ, ପି-ଶ୍ରୀଚିରଣ ପ୍ରଧାନ, ଗ୍ରା-ନିଜଗାଁ
	ଲିଙ୍ଗଧାରାପଡ଼ି	୨୩୫୦	ବେସରକାରୀ	ସାରଡ-୩	୦.୧୬୦	
	ଲିଙ୍ଗଧାରାପଡ଼ି	୨୬୬୬	ବେସରକାରୀ	ବାହାଳ ଫସଲ-୨	୦.୦୫୦	ରାଜକିଶୋର ପଟ୍ଟନାୟକ, ପି-ଦିବାକର ପଟ୍ଟନାୟକ, କମଳ
	ଲିଙ୍ଗଧାରାପଡ଼ି	୨୬୬୭	ବେସରକାରୀ	ବାହାଳ ଫସଲ-୨	୦.୦୫୦	କୁମାରୀ ପଟ୍ଟନାୟକ, ପି-ଦିବାକର ପଟ୍ଟନାୟକ, ସାବିତ୍ରୀ
	ଲିଙ୍ଗଧାରାପଡ଼ି	୨୬୬୬/୩୫୫୦୬	ବେସରକାରୀ	ବାହାଳ ଫସଲ-୨	୦.୦୩୦	ପଟ୍ଟନାୟକ, ସୁବାସ ଚନ୍ଦ୍ର ପଟ୍ଟନାୟକ, ଅକ୍ଷୟ କୁମାର
	ଲିଙ୍ଗଧାରାପଡ଼ି	୨୬୨୩	ବେସରକାରୀ	ବାହାଳ ଫସଲ-୨	୦.୦୫୦	ବିକ୍ରମ ପଟ୍ଟନାୟକ, ପ୍ରଣୀତ ପଟ୍ଟନାୟକ, ପି-ରୋଗନାଥ
	ଲିଙ୍ଗଧାରାପଡ଼ି	୨୬୬୭	ବେସରକାରୀ	ବାହାଳ ଫସଲ-୧	୦.୦୫୦	ପଟ୍ଟନାୟକ, ଶୋଭନା ପଟ୍ଟନାୟକ, ଗ୍ରା-ପ୍ରମୋଦ କୁମାର ପଟ୍ଟନାୟକ
	ଲିଙ୍ଗଧାରାପଡ଼ି	୨୬୬୮	ବେସରକାରୀ	ବାହାଳ ଫସଲ-୨	୦.୦୫୦	ଲକ୍ଷ୍ମଣ ପଟ୍ଟନାୟକ, ପି-ଦୁତାନନ୍ଦ ପଟ୍ଟନାୟକ
	ଲିଙ୍ଗଧାରାପଡ଼ି	୨୬୬୯	ବେସରକାରୀ	ବାହାଳ ଫସଲ-୨	୦.୦୫୦	ଗ୍ରା-ଦୁତାନନ୍ଦ ପଟ୍ଟନାୟକ, ଗ୍ରା-ନିଜଗାଁ
	ଲିଙ୍ଗଧାରାପଡ଼ି	୨୬୫୦	ବେସରକାରୀ	ବାହାଳ ଫସଲ-୨	୦.୦୬୦	
	ଲିଙ୍ଗଧାରାପଡ଼ି	୨୬୫୬	ବେସରକାରୀ	ବାହାଳ ଫସଲ-୨	୦.୦୬୦	
	ଲିଙ୍ଗଧାରାପଡ଼ି	୨୬୫୮	ବେସରକାରୀ	ବାହାଳ ଫସଲ-୨	୦.୦୫୦	
	ଲିଙ୍ଗଧାରାପଡ଼ି	୨୬୫୩	ବେସରକାରୀ	ସାରଡ-୩	୦.୦୩୦	ଭଜା ସାହୁ, ପି-ଶ୍ରୀଧର ସାହୁ, ଗ୍ରା-ନିଜଗାଁ
	ଲିଙ୍ଗଧାରାପଡ଼ି	୨୪୧୨	ବେସରକାରୀ	ସାରଡ-୩	୦.୦୫୦	ସଉଦାମ ସାହୁ, ପି-ଶିଵ ସାହୁ, ସୁଦୁଣ ସାହୁ, ପି-ଶିଵ ସାହୁ
	ଲିଙ୍ଗଧାରାପଡ଼ି	୨୫୩୧	ବେସରକାରୀ	ସାରଡ-୩	୦.୦୫୦	ସୁରଦେବ ପ୍ରଧାନ, ପି-ସତ୍ୟବାଦୀ ପ୍ରଧାନ, ଗ୍ରା-ନିଜଗାଁ
	ଲିଙ୍ଗଧାରାପଡ଼ି	୨୫୩୨	ବେସରକାରୀ	ସାରଡ-୩	୦.୦୫୦	ସୁରଦେବ ପଟ୍ଟନାୟକ, ବିଦ୍ୟାଧର ପଟ୍ଟନାୟକ, ପ୍ରଣୀତ ପଟ୍ଟନାୟକ
	ଲିଙ୍ଗଧାରାପଡ଼ି	୨୫୮୦	ବେସରକାରୀ	ସାରଡ-୩	୦.୦୩୦	ପି-ଶ୍ରୁତାନନ୍ଦ ପଟ୍ଟନାୟକ, ଗ୍ରା-ନିଜଗାଁ
	ଲିଙ୍ଗଧାରାପଡ଼ି	୨୫୮୬	ବେସରକାରୀ	ସାରଡ-୩	୦.୦୪୦	
	ଲିଙ୍ଗଧାରାପଡ଼ି	୨୬୨୫	ବେସରକାରୀ	ବାହାଳ ଫସଲ-୨	୦.୧୧୦	
	ଲିଙ୍ଗଧାରାପଡ଼ି	୨୬୨୬	ବେସରକାରୀ	ବାହାଳ ଫସଲ-୨	୦.୦୬୦	
	ଲିଙ୍ଗଧାରାପଡ଼ି	୨୬୭୭	ବେସରକାରୀ	ବାହାଳ ଫସଲ-୨	୦.୦୫୦	
	ଲିଙ୍ଗଧାରାପଡ଼ି	୨୬୭୮	ବେସରକାରୀ	ବାହାଳ ଫସଲ-୨	୦.୦୮୦	ସୁରେନ୍ଦ୍ର ପ୍ରଧାନ, ପି-ଦୁତାନନ୍ଦ ପ୍ରଧାନ, ଗ୍ରା-ନିଜଗାଁ
	ଲିଙ୍ଗଧାରାପଡ଼ି	୨୬୬୬	ବେସରକାରୀ	ବାହାଳ ଫସଲ-୨	୦.୦୬୦	ସେବେଶ୍ୱର ପଟ୍ଟନାୟକ, ସାବିତ୍ରୀ ମହାନ୍ତି, ପି-ଦେବପ୍ରୀତି ପଟ୍ଟନାୟକ
	ଲିଙ୍ଗଧାରାପଡ଼ି	୨୬୭୬	ବେସରକାରୀ	ବାହାଳ ଫସଲ-୨	୦.୦୫୦	ଦୁର୍ଗା ପଟ୍ଟନାୟକ, ପି-ଦେବପ୍ରୀତି ପଟ୍ଟନାୟକ, ଗ୍ରା-ନିଜଗାଁ
	ଲିଙ୍ଗଧାରାପଡ଼ି	୨୪୫୦	ବେସରକାରୀ	ସାରଡ-୩	୦.୦୮୦	ସାହୁ, ପି-ଅନନ୍ତ ସାହୁ, ଗ୍ରା-ନିଜଗାଁ
	ଲିଙ୍ଗଧାରାପଡ଼ି	୨୩୫୭	ବେସରକାରୀ	ସାରଡ-୩	୦.୦୫୦	ହୃଷୀକେଶ ସାହୁ, ପି-ଧରୁ ସାହୁ, ଗ୍ରା-ନିଜଗାଁ
	ଲିଙ୍ଗଧାରାପଡ଼ି	୨୬୬୭	ବେସରକାରୀ	ବାହାଳ ଫସଲ-୨	୦.୦୫୦	ହୃଷୀକେଶ ପଟ୍ଟନାୟକ, ପି-ତ୍ରିଲୋଚନ ପଟ୍ଟନାୟକ, ଗ୍ରା-ନିଜଗାଁ
	ଲିଙ୍ଗଧାରାପଡ଼ି	୨୦୮୫	ସରକାରୀ	ବଗ	୦.୦୩୦	ଅନାବାଦ ଅଯୋଗ୍ୟ ଅନାବାଦୀ
	ଲିଙ୍ଗଧାରାପଡ଼ି	୨୩୩୩	ସରକାରୀ	ରାସ୍ତା	୦.୧୫୦	ସର୍ବସାଧାରଣ
	ଲିଙ୍ଗଧାରାପଡ଼ି	୨୫୬୪	ସରକାରୀ	ରାସ୍ତା	୦.୧୨୦	ସର୍ବସାଧାରଣ
	ଲିଙ୍ଗଧାରାପଡ଼ି	୨୬୩୭	ସରକାରୀ	ରାସ୍ତା	୦.୦୩୦	ସର୍ବସାଧାରଣ
୧୩.	ଦୁରୁଗପଦର	୪୫୩୮	ବେସରକାରୀ	ବାହାଳ ଫସଲ-୨	୦.୦୨୦	ଅଶୋକ ବିଶ୍ୱାଳ, ପିତାମ୍ବର ବିଶ୍ୱାଳ, ପି-ବଡ଼ି ବିଶ୍ୱାଳ, ବିଦୁ ବିଶ୍ୱାଳ
	ଦୁରୁଗପଦର	୪୫୫୯	ବେସରକାରୀ	ସାରଡ-୨	୦.୦୩୦	ଆଦେଶ ସାହୁ, ପୁରୁଣି ସାହୁ, ପି-ଚିନ୍ତାଣ ସାହୁ, ଡମ୍ବ ସାହୁ
	ଦୁରୁଗପଦର	୪୫୬୮	ବେସରକାରୀ	ସାରଡ-୨	୦.୦୫୦	କାଳିଆ ସାହୁ, ପି-ରେଙ୍ଗୁ ସାହୁ, ଗ୍ରା-ନିଜଗାଁ
	ଦୁରୁଗପଦର	୫୩୩୫	ବେସରକାରୀ	ବାହାଳ ଫସଲ-୧	୦.୦୫୦	
	ଦୁରୁଗପଦର	୪୫୫୦	ବେସରକାରୀ	ସାରଡ ଫସଲ-୧	୦.୦୨୦	
	ଦୁରୁଗପଦର	୪୫୫୮	ବେସରକାରୀ	ବାହାଳ ଫସଲ-୨	୦.୦୫୦	
	ଦୁରୁଗପଦର	୪୫୫୭	ବେସରକାରୀ	ସାରଡ-୨	୦.୦୪୦	କୁରୁନ ସାହୁ, ପି-ଗୋବିନ୍ଦ ସାହୁ, ଗ୍ରା-ନିଜଗାଁ
	ଦୁରୁଗପଦର	୪୫୫୬	ବେସରକାରୀ	ସାରଡ-୨	୦.୦୩୦	
	ଦୁରୁଗପଦର	୪୫୫୫	ବେସରକାରୀ	ସାରଡ-୨	୦.୦୩୦	
	ଦୁରୁଗପଦର	୪୫୩୩	ବେସରକାରୀ	ସାରଡ ଫସଲ-୨	୦.୦୫୦	କୁମାରୀ ସତ୍ପଥୀ, ପି-ଦଶରଥ ସତ୍ପଥୀ, ଗ୍ରା-ନିଜଗାଁ
	ଦୁରୁଗପଦର	୪୫୬୬	ବେସରକାରୀ	ସାରଡ-୨	୦.୦୫୦	କୃଷ୍ଣିଆ ସାହୁ, ପି-ଗୋରା ସାହୁ, ଗ୍ରା-ନିଜଗାଁ
	ଦୁରୁଗପଦର	୪୫୬୫	ବେସରକାରୀ	ସାରଡ-୨	୦.୦୫୦	ଖେତ୍ରୀବାସୀ ସାହୁ, ପି-ମଦନ ସାହୁ, ଗ୍ରା-ନିଜଗାଁ
	ଦୁରୁଗପଦର	୪୫୫୪	ବେସରକାରୀ	ସାରଡ-୨	୦.୦୫୦	
	ଦୁରୁଗପଦର	୪୫୩୮	ବେସରକାରୀ	ସାରଡ-୨	୦.୦୨୦	
	ଦୁରୁଗପଦର	୪୫୦୯/୪୫୫୫	ବେସରକାରୀ	ସାରଡ-୨	୦.୦୫୦	
	ଦୁରୁଗପଦର	୪୫୬୬	ବେସରକାରୀ	ସାରଡ-୨	୦.୦୫୦	ଗଣେଶ୍ୱର ସାହୁ, ପି-ମଙ୍ଗୁଳୁ ସାହୁ, ଗ୍ରା-ନିଜଗାଁ
	ଦୁରୁଗପଦର	୪୫୫୮	ବେସରକାରୀ	ସାରଡ-୨	୦.୦୫୦	ଗଣେଶ୍ୱର ସାହୁ, ପି-ଦୁର୍ଗ ସାହୁ, ଗ୍ରା-ନିଜଗାଁ
(See Next Page)
